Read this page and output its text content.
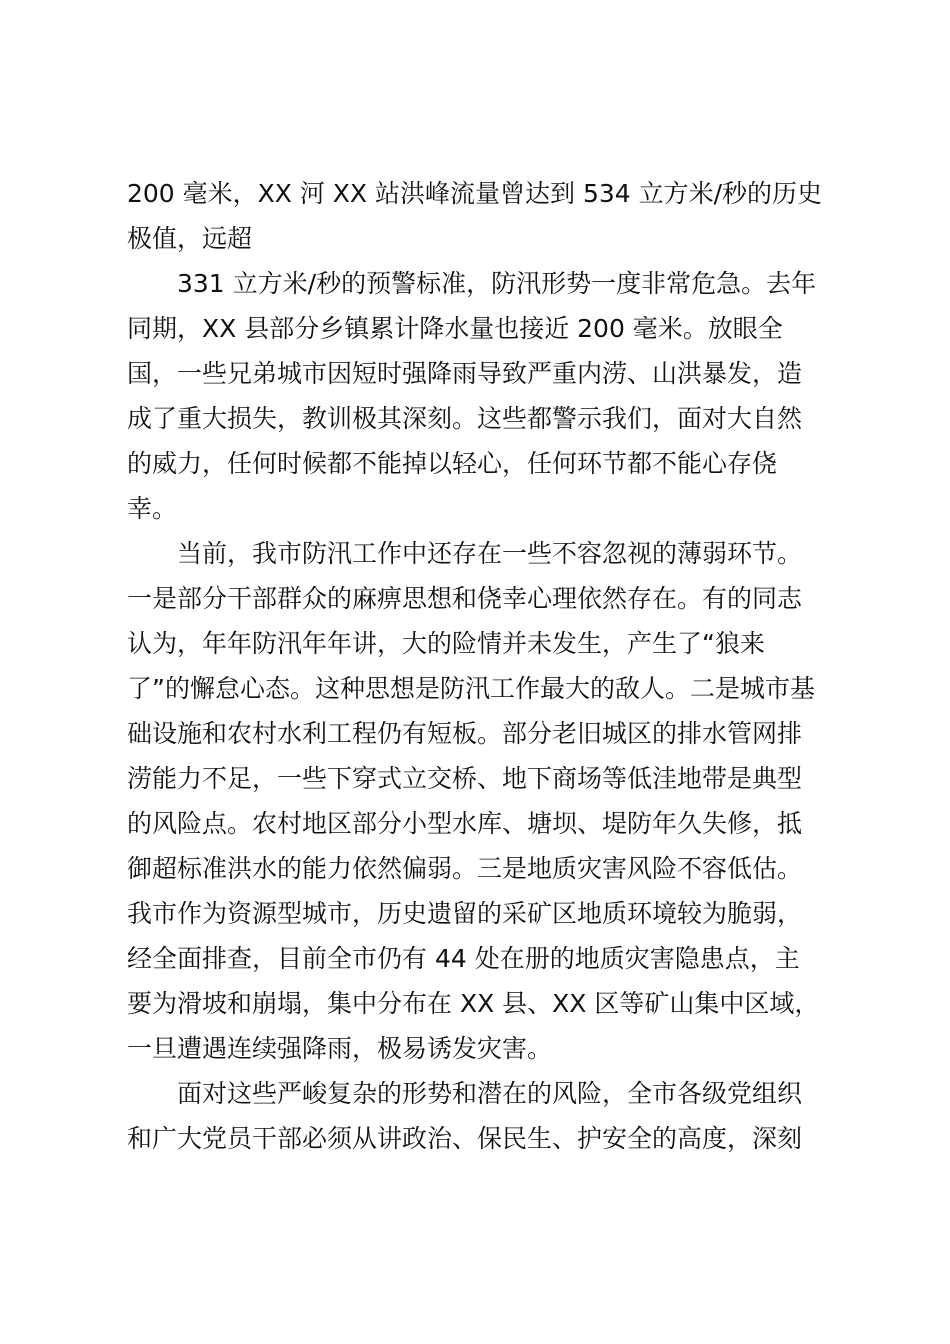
200 毫米，XX 河 XX 站洪峰流量曾达到 534 立方米/秒的历史
极值，远超
331 立方米/秒的预警标准，防汛形势一度非常危急。去年
同期，XX 县部分乡镇累计降水量也接近 200 毫米。放眼全
国，一些兄弟城市因短时强降雨导致严重内涝、山洪暴发，造
成了重大损失，教训极其深刻。这些都警示我们，面对大自然
的威力，任何时候都不能掉以轻心，任何环节都不能心存侥
幸。
当前，我市防汛工作中还存在一些不容忽视的薄弱环节。
一是部分干部群众的麻痹思想和侥幸心理依然存在。有的同志
认为，年年防汛年年讲，大的险情并未发生，产生了“狼来
了”的懈怠心态。这种思想是防汛工作最大的敌人。二是城市基
础设施和农村水利工程仍有短板。部分老旧城区的排水管网排
涝能力不足，一些下穿式立交桥、地下商场等低洼地带是典型
的风险点。农村地区部分小型水库、塘坝、堤防年久失修，抵
御超标准洪水的能力依然偏弱。三是地质灾害风险不容低估。
我市作为资源型城市，历史遗留的采矿区地质环境较为脆弱，
经全面排查，目前全市仍有 44 处在册的地质灾害隐患点，主
要为滑坡和崩塌，集中分布在 XX 县、XX 区等矿山集中区域，
一旦遭遇连续强降雨，极易诱发灾害。
面对这些严峻复杂的形势和潜在的风险，全市各级党组织
和广大党员干部必须从讲政治、保民生、护安全的高度，深刻
